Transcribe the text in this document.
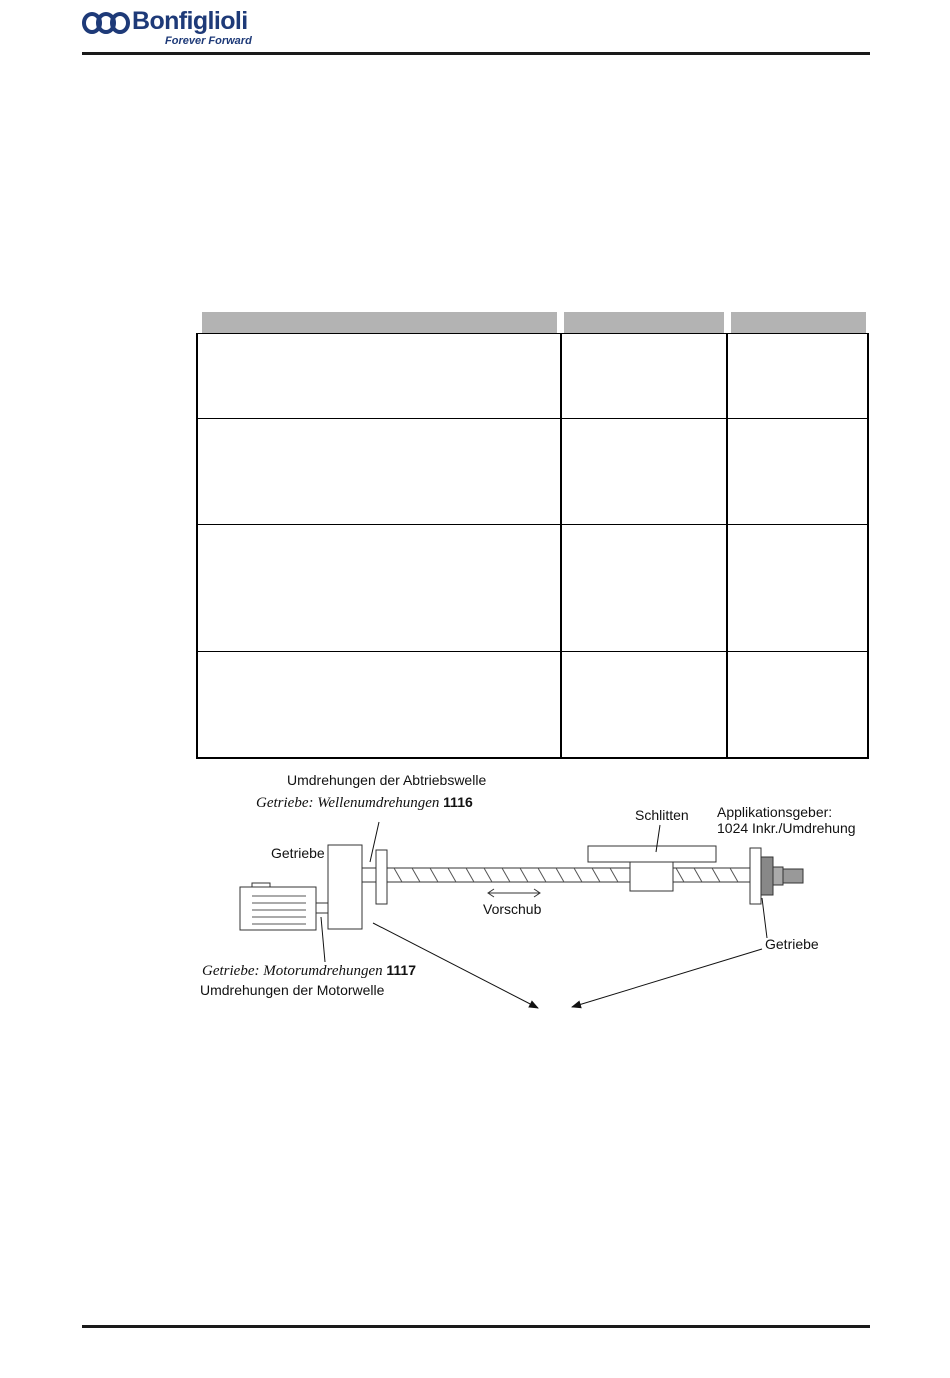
Bonfiglioli
Forever Forward
Umdrehungen der Abtriebswelle
Getriebe: Wellenumdrehungen 1116
Schlitten Applikationsgeber:
1024 Inkr./Umdrehung
Getriebe
Vorschub
Getriebe
Getriebe: Motorumdrehungen 1117
Umdrehungen der Motorwelle
